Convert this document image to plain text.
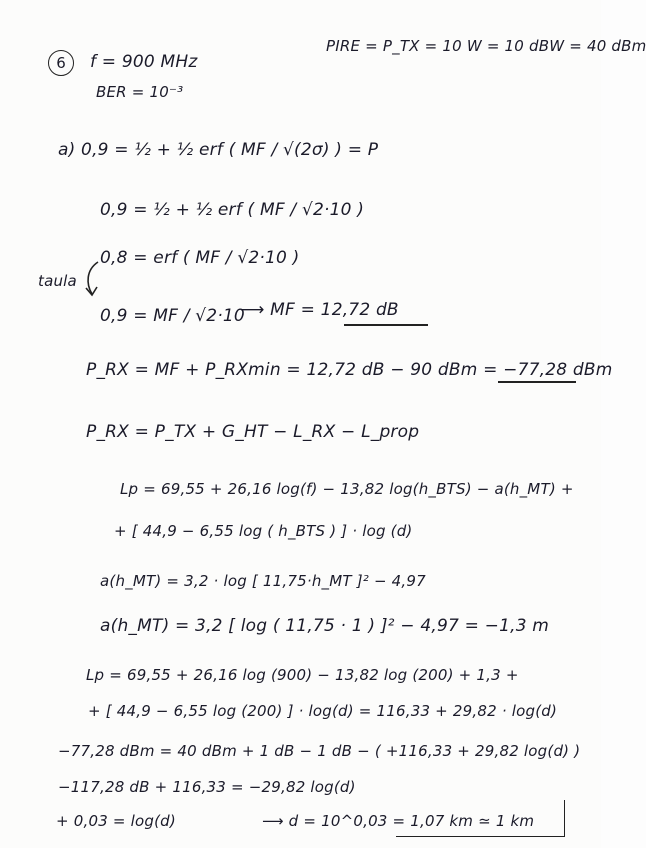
6	f = 900 MHz
BER = 10⁻³
PIRE = P_TX = 10 W = 10 dBW = 40 dBm
a) 0,9 = ½ + ½ erf ( MF / √(2σ) ) = P
0,9 = ½ + ½ erf ( MF / √2·10 )
0,8 = erf ( MF / √2·10 )
taula
0,9 = MF / √2·10
⟶ MF = 12,72 dB
P_RX = MF + P_RXmin = 12,72 dB − 90 dBm = −77,28 dBm
P_RX = P_TX + G_HT − L_RX − L_prop
Lp = 69,55 + 26,16 log(f) − 13,82 log(h_BTS) − a(h_MT) +
+ [ 44,9 − 6,55 log ( h_BTS ) ] · log (d)
a(h_MT) = 3,2 · log [ 11,75·h_MT ]² − 4,97
a(h_MT) = 3,2 [ log ( 11,75 · 1 ) ]² − 4,97 = −1,3 m
Lp = 69,55 + 26,16 log (900) − 13,82 log (200) + 1,3 +
+ [ 44,9 − 6,55 log (200) ] · log(d) = 116,33 + 29,82 · log(d)
−77,28 dBm = 40 dBm + 1 dB − 1 dB − ( +116,33 + 29,82 log(d) )
−117,28 dB + 116,33 = −29,82 log(d)
+ 0,03 = log(d)	⟶ d = 10^0,03 = 1,07 km ≃ 1 km
